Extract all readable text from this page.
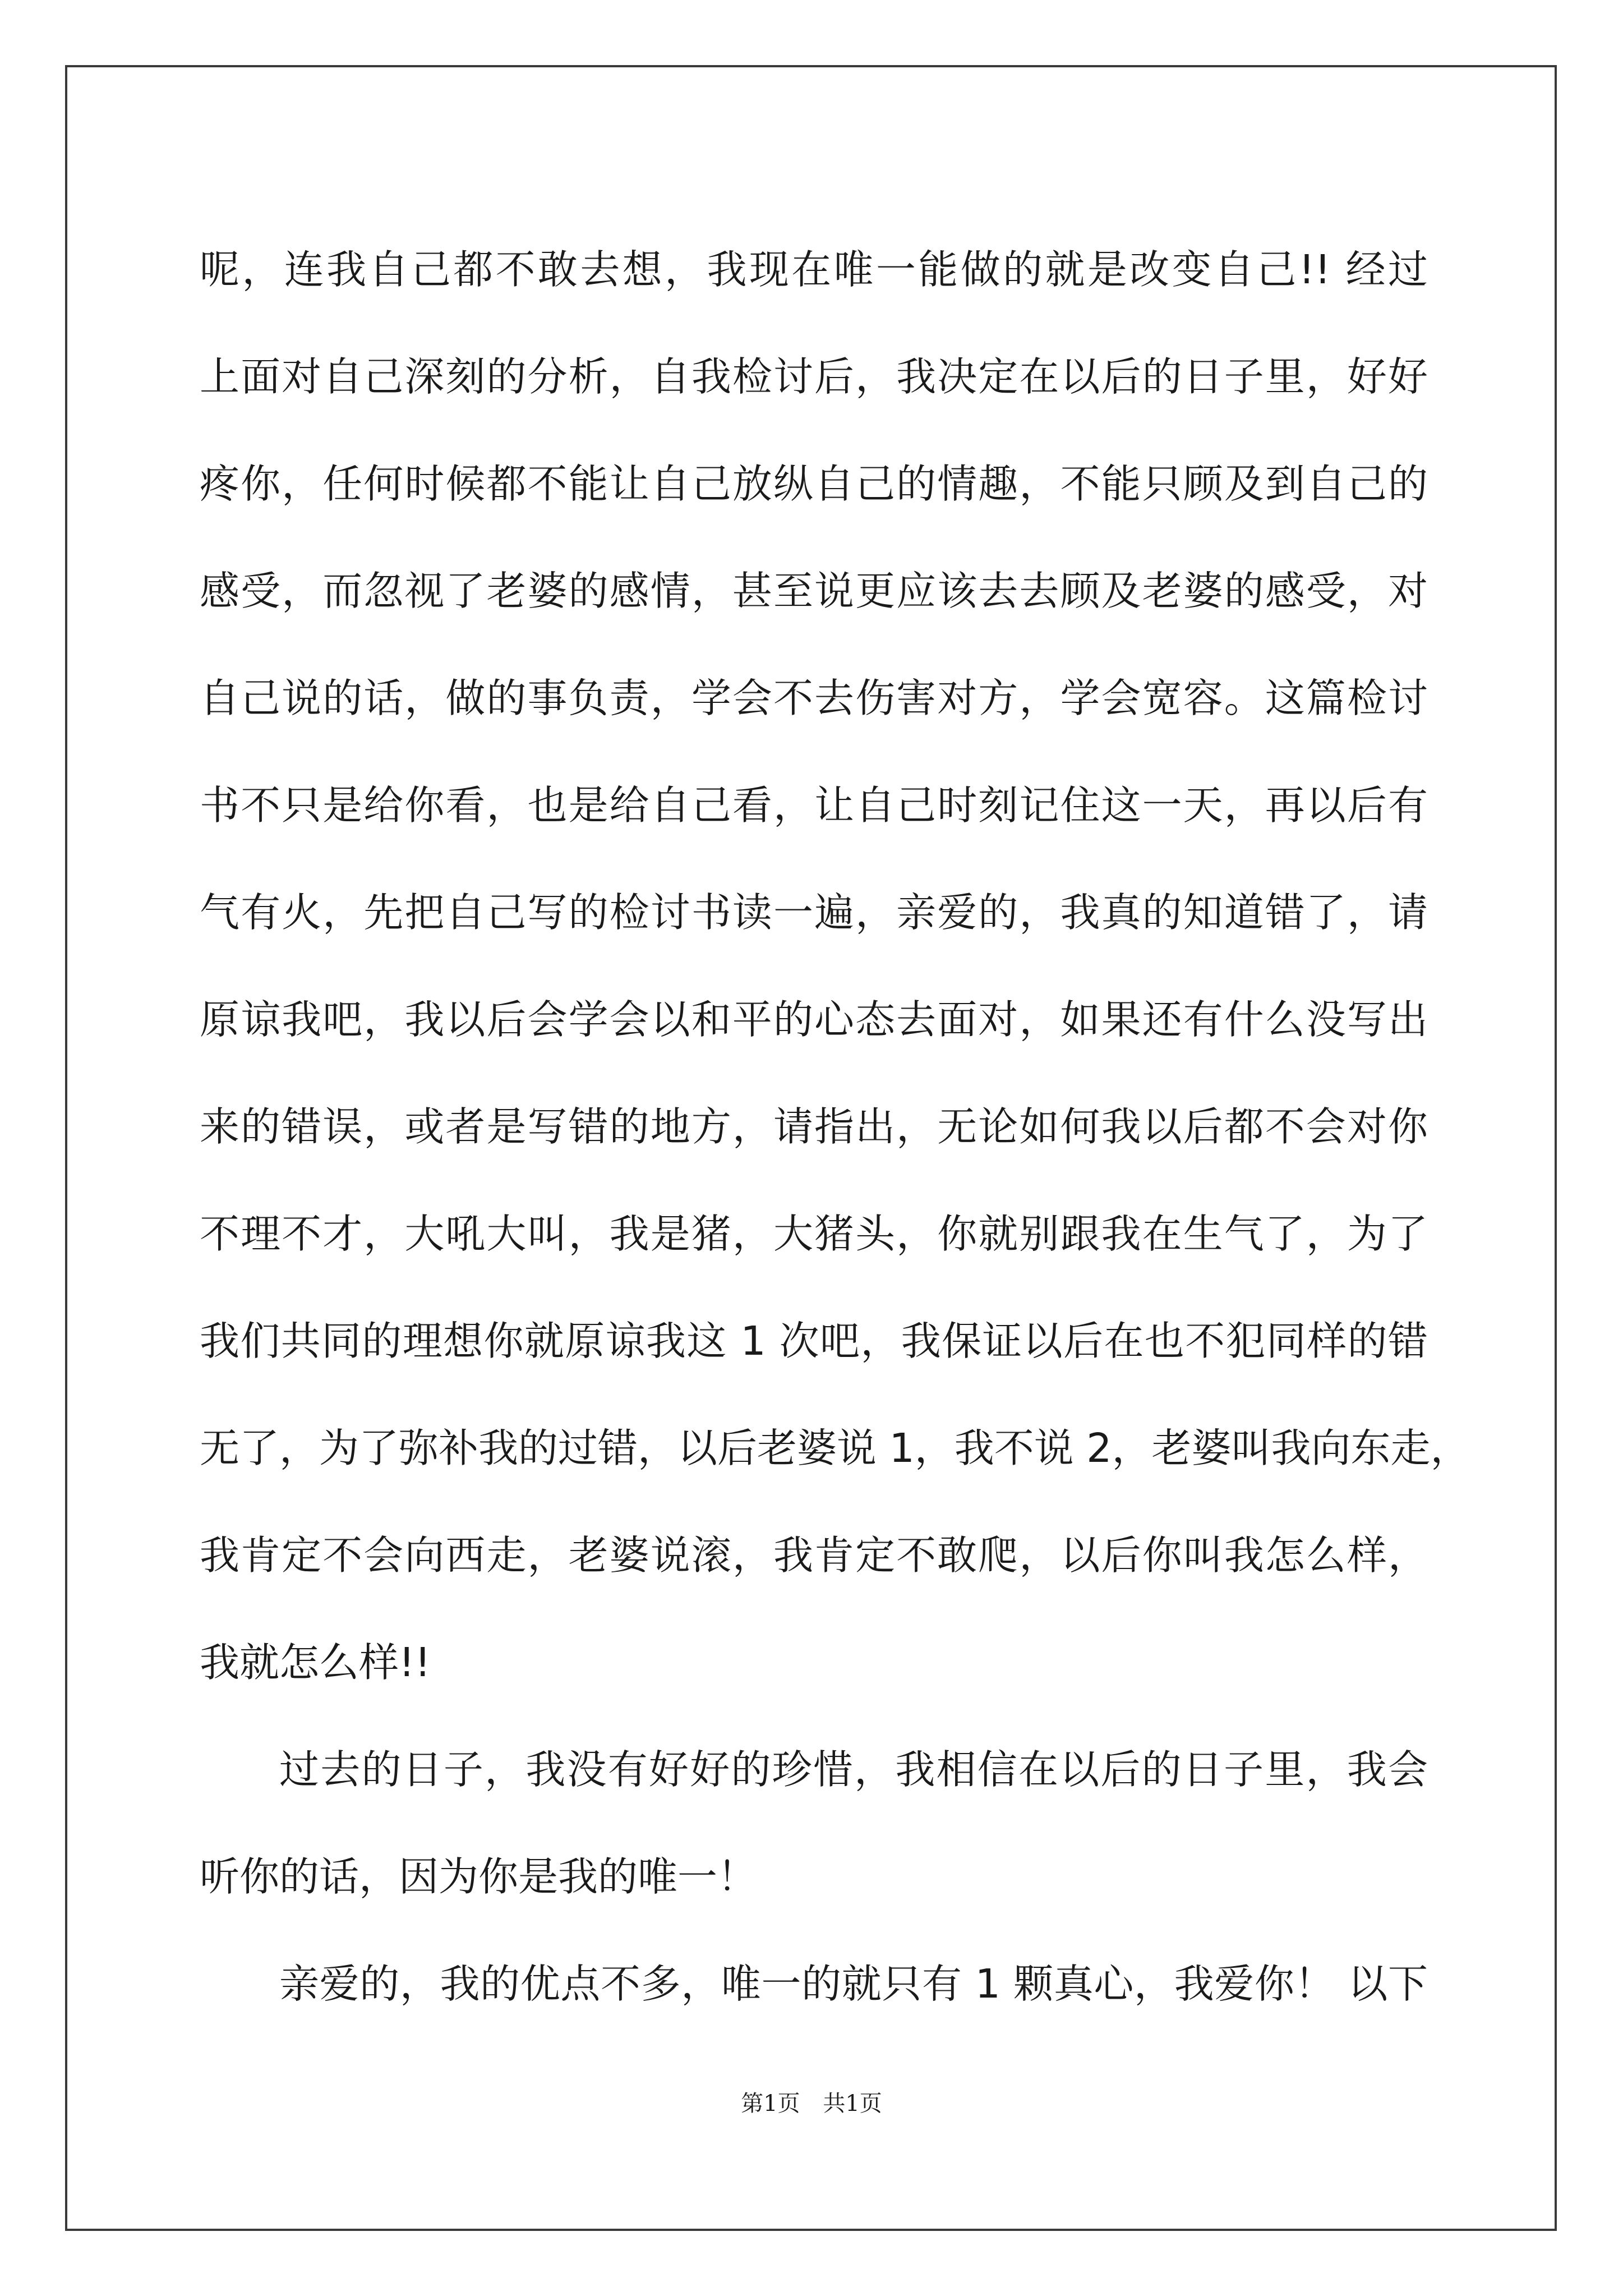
呢，连我自己都不敢去想，我现在唯一能做的就是改变自己!! 经过
上面对自己深刻的分析，自我检讨后，我决定在以后的日子里，好好
疼你，任何时候都不能让自己放纵自己的情趣，不能只顾及到自己的
感受，而忽视了老婆的感情，甚至说更应该去去顾及老婆的感受，对
自己说的话，做的事负责，学会不去伤害对方，学会宽容。这篇检讨
书不只是给你看，也是给自己看，让自己时刻记住这一天，再以后有
气有火，先把自己写的检讨书读一遍，亲爱的，我真的知道错了，请
原谅我吧，我以后会学会以和平的心态去面对，如果还有什么没写出
来的错误，或者是写错的地方，请指出，无论如何我以后都不会对你
不理不才，大吼大叫，我是猪，大猪头，你就别跟我在生气了，为了
我们共同的理想你就原谅我这 1 次吧，我保证以后在也不犯同样的错
无了，为了弥补我的过错，以后老婆说 1，我不说 2，老婆叫我向东走，
我肯定不会向西走，老婆说滚，我肯定不敢爬，以后你叫我怎么样，
我就怎么样!!
过去的日子，我没有好好的珍惜，我相信在以后的日子里，我会
听你的话，因为你是我的唯一！
亲爱的，我的优点不多，唯一的就只有 1 颗真心，我爱你！ 以下
第1页 共1页
